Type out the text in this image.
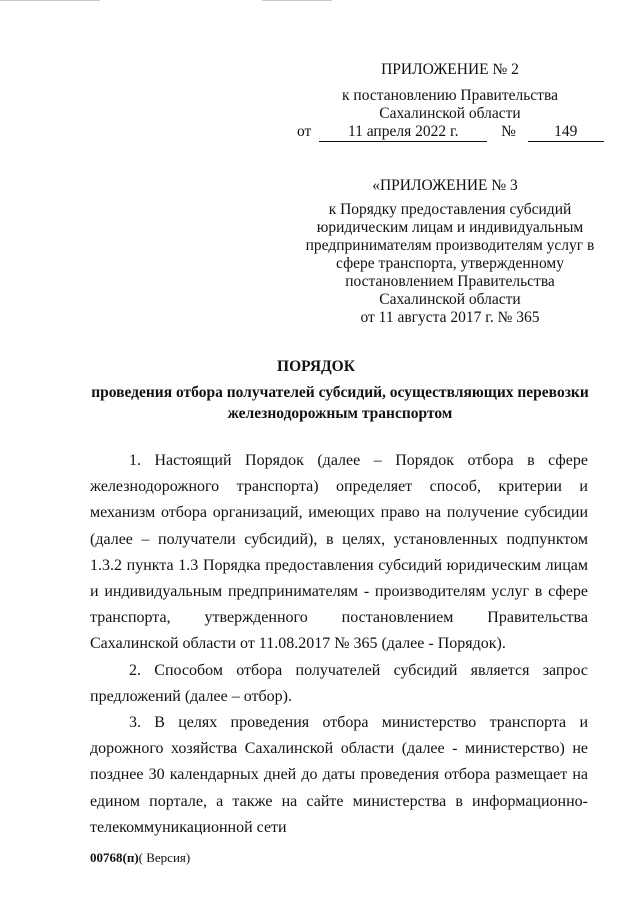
ПРИЛОЖЕНИЕ № 2
к постановлению Правительства
Сахалинской области
от 11 апреля 2022 г.	№ 149
«ПРИЛОЖЕНИЕ № 3
к Порядку предоставления субсидий
юридическим лицам и индивидуальным
предпринимателям производителям услуг в
сфере транспорта, утвержденному
постановлением Правительства
Сахалинской области
от 11 августа 2017 г. № 365
ПОРЯДОК
проведения отбора получателей субсидий, осуществляющих перевозки железнодорожным транспортом

1. Настоящий Порядок (далее – Порядок отбора в сфере железнодорожного транспорта) определяет способ, критерии и механизм отбора организаций, имеющих право на получение субсидии (далее – получатели субсидий), в целях, установленных подпунктом 1.3.2 пункта 1.3 Порядка предоставления субсидий юридическим лицам и индивидуальным предпринимателям - производителям услуг в сфере транспорта, утвержденного постановлением Правительства Сахалинской области от 11.08.2017 № 365 (далее - Порядок).

2. Способом отбора получателей субсидий является запрос предложений (далее – отбор).

3. В целях проведения отбора министерство транспорта и дорожного хозяйства Сахалинской области (далее - министерство) не позднее 30 календарных дней до даты проведения отбора размещает на едином портале, а также на сайте министерства в информационно-телекоммуникационной сети

00768(п)( Версия)
